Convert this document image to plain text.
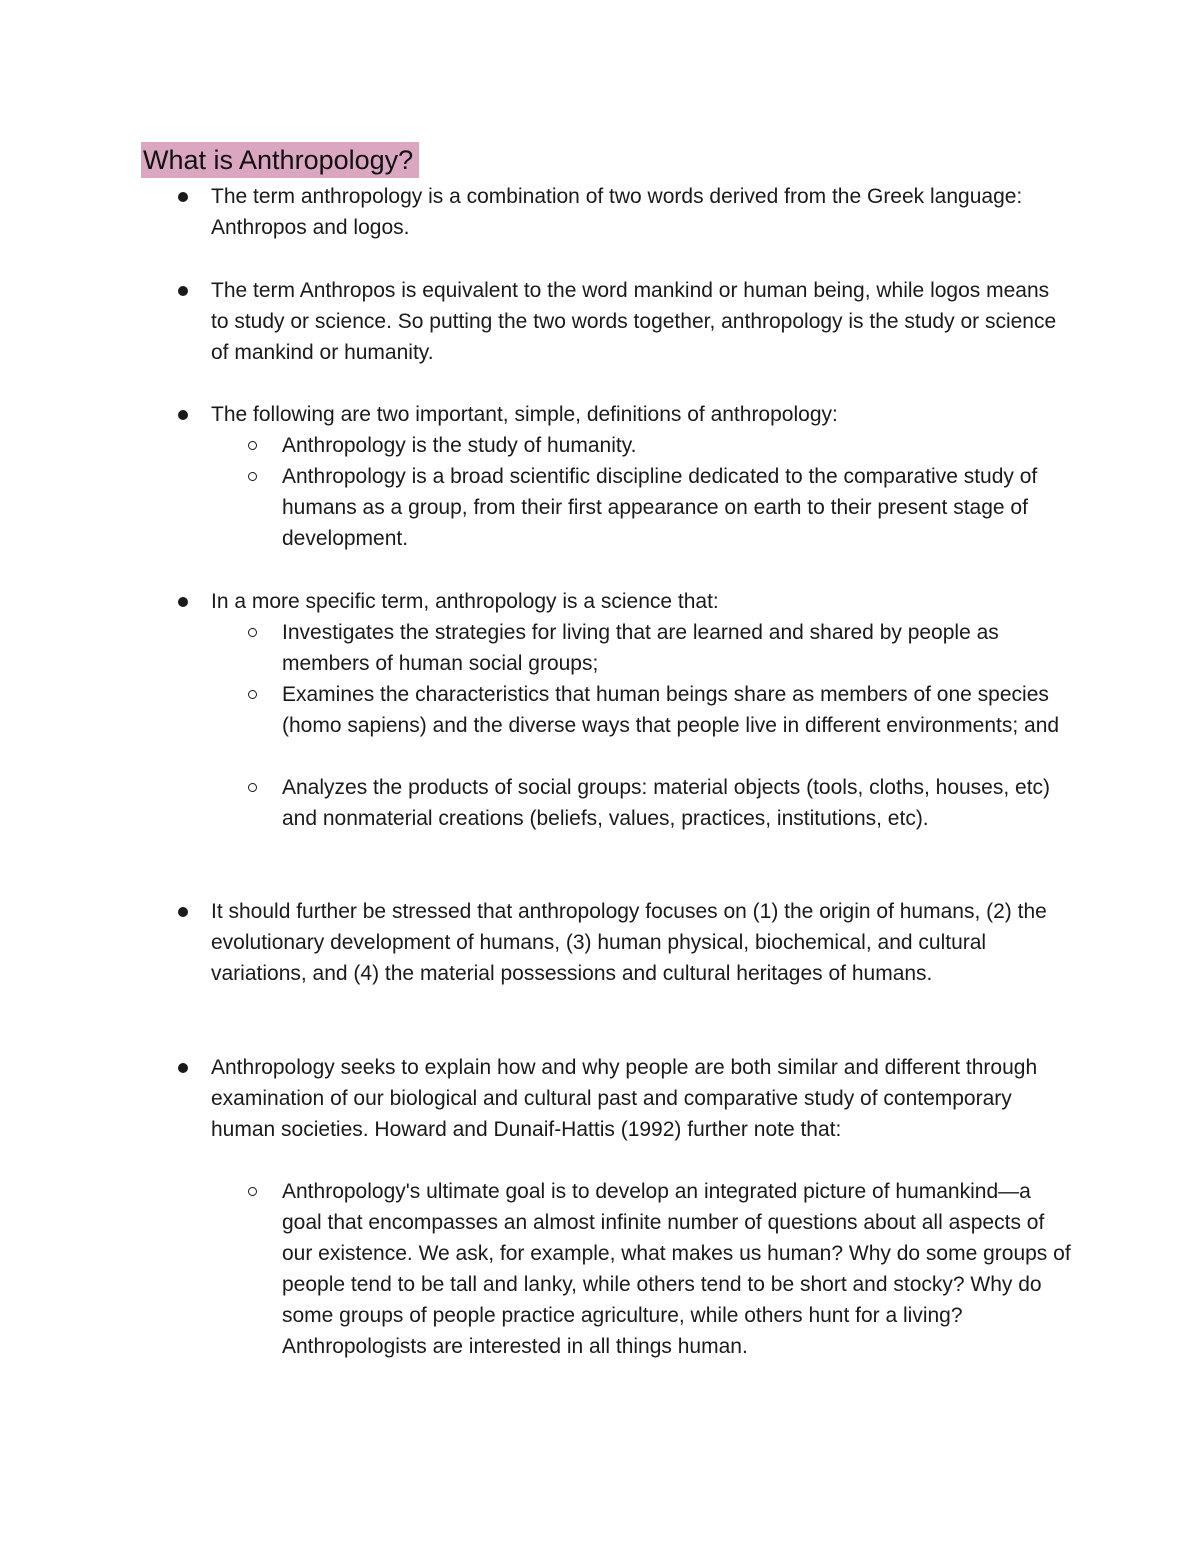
What is Anthropology?
The term anthropology is a combination of two words derived from the Greek language: Anthropos and logos.
The term Anthropos is equivalent to the word mankind or human being, while logos means to study or science. So putting the two words together, anthropology is the study or science of mankind or humanity.
The following are two important, simple, definitions of anthropology:
Anthropology is the study of humanity.
Anthropology is a broad scientific discipline dedicated to the comparative study of humans as a group, from their first appearance on earth to their present stage of development.
In a more specific term, anthropology is a science that:
Investigates the strategies for living that are learned and shared by people as members of human social groups;
Examines the characteristics that human beings share as members of one species (homo sapiens) and the diverse ways that people live in different environments; and
Analyzes the products of social groups: material objects (tools, cloths, houses, etc) and nonmaterial creations (beliefs, values, practices, institutions, etc).
It should further be stressed that anthropology focuses on (1) the origin of humans, (2) the evolutionary development of humans, (3) human physical, biochemical, and cultural variations, and (4) the material possessions and cultural heritages of humans.
Anthropology seeks to explain how and why people are both similar and different through examination of our biological and cultural past and comparative study of contemporary human societies. Howard and Dunaif-Hattis (1992) further note that:
Anthropology's ultimate goal is to develop an integrated picture of humankind—a goal that encompasses an almost infinite number of questions about all aspects of our existence. We ask, for example, what makes us human? Why do some groups of people tend to be tall and lanky, while others tend to be short and stocky? Why do some groups of people practice agriculture, while others hunt for a living? Anthropologists are interested in all things human.
